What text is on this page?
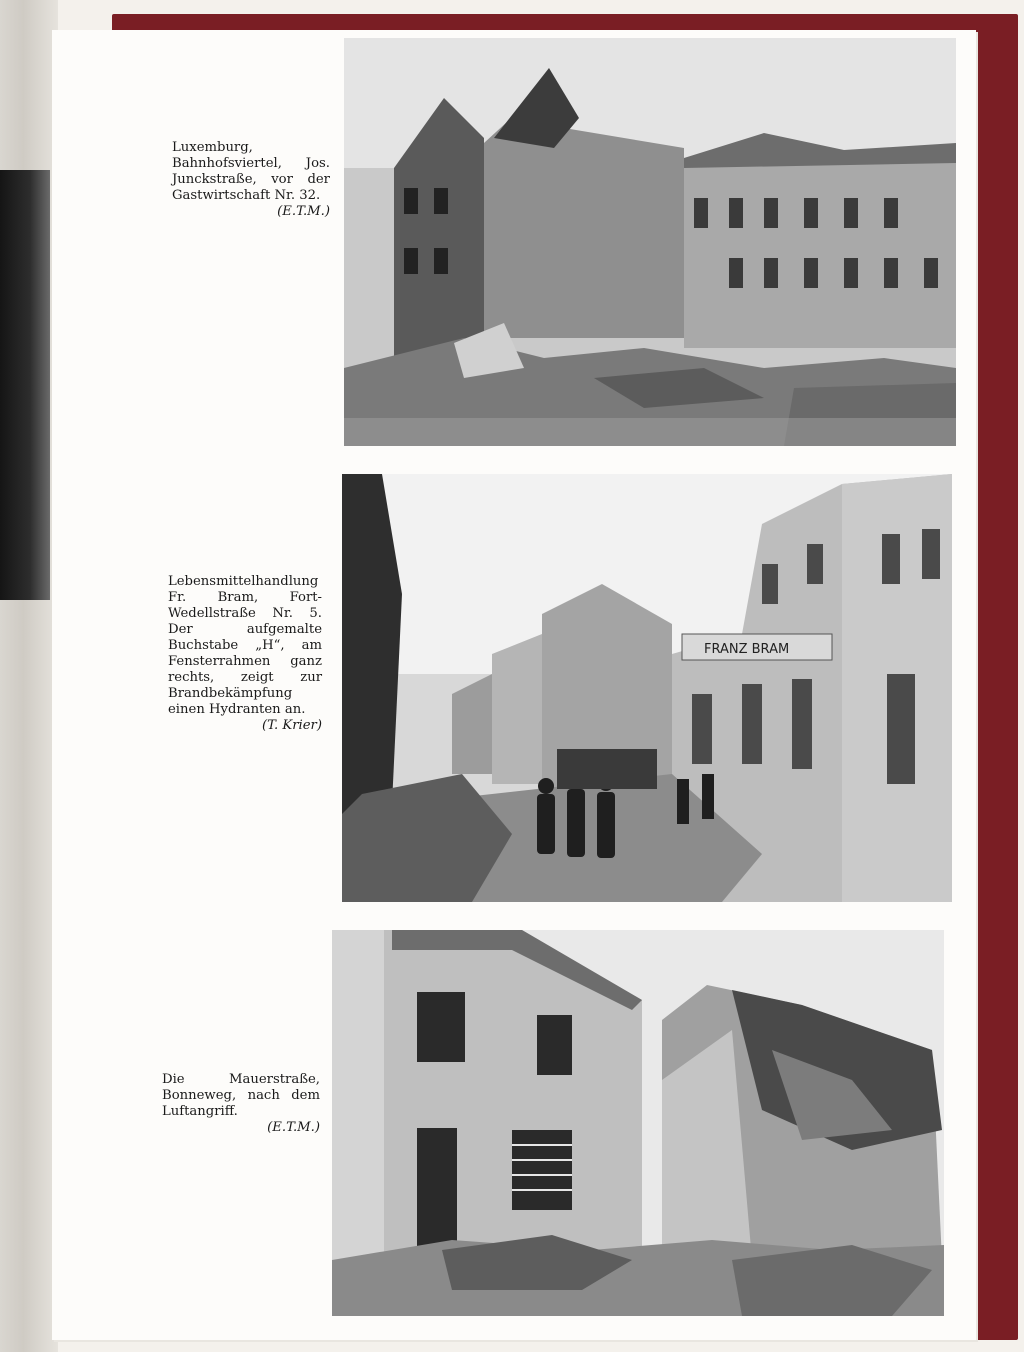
Luxemburg, Bahnhofsviertel, Jos. Junckstraße, vor der Gastwirtschaft Nr. 32.
(E.T.M.)
Lebensmittelhandlung Fr. Bram, Fort-Wedellstraße Nr. 5. Der aufgemalte Buchstabe „H“, am Fensterrahmen ganz rechts, zeigt zur Brandbekämpfung einen Hydranten an.
(T. Krier)
FRANZ BRAM
Die Mauerstraße, Bonneweg, nach dem Luftangriff.
(E.T.M.)
